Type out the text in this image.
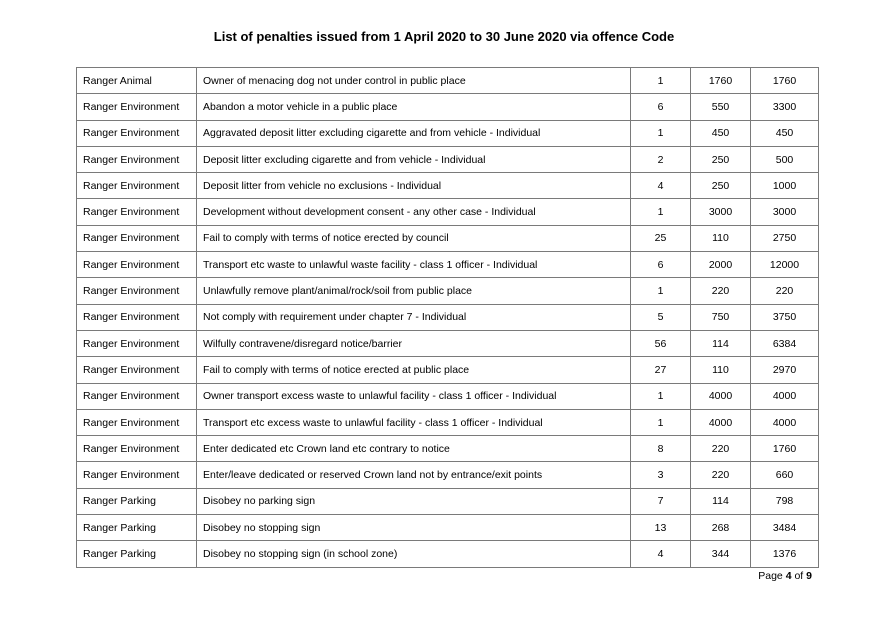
List of penalties issued from 1 April 2020 to 30 June 2020 via offence Code
Ranger Animal	Owner of menacing dog not under control in public place	1	1760	1760
Ranger Environment	Abandon a motor vehicle in a public place	6	550	3300
Ranger Environment	Aggravated deposit litter excluding cigarette and from vehicle - Individual	1	450	450
Ranger Environment	Deposit litter excluding cigarette and from vehicle - Individual	2	250	500
Ranger Environment	Deposit litter from vehicle no exclusions - Individual	4	250	1000
Ranger Environment	Development without development consent - any other case - Individual	1	3000	3000
Ranger Environment	Fail to comply with terms of notice erected by council	25	110	2750
Ranger Environment	Transport etc waste to unlawful waste facility - class 1 officer - Individual	6	2000	12000
Ranger Environment	Unlawfully remove plant/animal/rock/soil from public place	1	220	220
Ranger Environment	Not comply with requirement under chapter 7 - Individual	5	750	3750
Ranger Environment	Wilfully contravene/disregard notice/barrier	56	114	6384
Ranger Environment	Fail to comply with terms of notice erected at public place	27	110	2970
Ranger Environment	Owner transport excess waste to unlawful facility - class 1 officer - Individual	1	4000	4000
Ranger Environment	Transport etc excess waste to unlawful facility - class 1 officer - Individual	1	4000	4000
Ranger Environment	Enter dedicated etc Crown land etc contrary to notice	8	220	1760
Ranger Environment	Enter/leave dedicated or reserved Crown land not by entrance/exit points	3	220	660
Ranger Parking	Disobey no parking sign	7	114	798
Ranger Parking	Disobey no stopping sign	13	268	3484
Ranger Parking	Disobey no stopping sign (in school zone)	4	344	1376
Page 4 of 9
